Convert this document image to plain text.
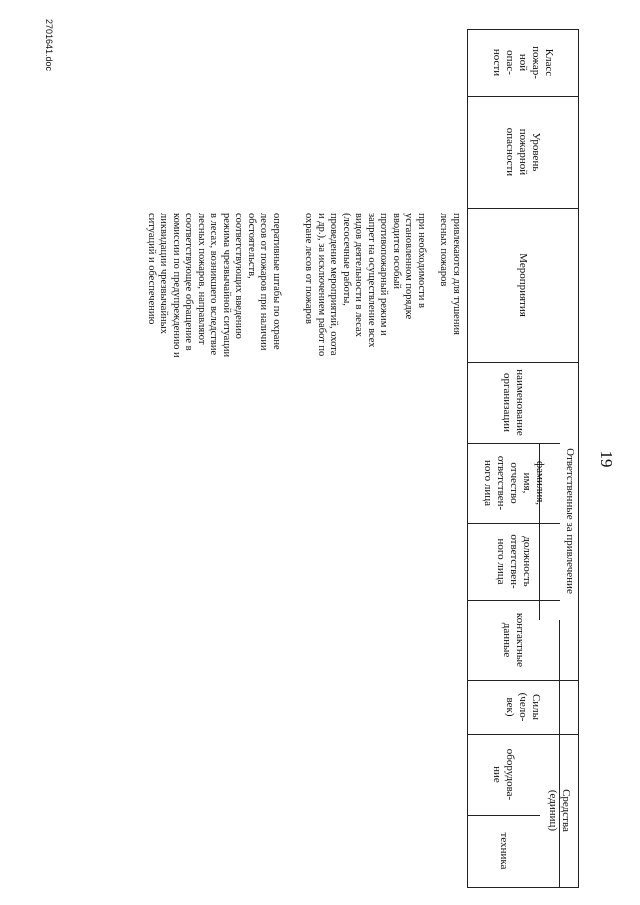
19
Класс
пожар-
ной
опас-
ности
Уровень
пожарной
опасности
Мероприятия
Ответственные за привлечение
наименование
организации
фамилия,
имя,
отчество
ответствен-
ного лица
должность
ответствен-
ного лица
контактные
данные
Силы
(чело-
век)
Средства
(единиц)
оборудова-
ние
техника

привлекаются для тушения лесных пожаров

при необходимости в установленном порядке вводится особый противопожарный режим и запрет на осуществление всех видов деятельности в лесах (лесосечные работы, проведение мероприятий, охота и др.), за исключением работ по охране лесов от пожаров

оперативные штабы по охране лесов от пожаров при наличии обстоятельств, соответствующих введению режима чрезвычайной ситуации в лесах, возникшего вследствие лесных пожаров, направляют соответствующее обращение в комиссии по предупреждению и ликвидации чрезвычайных ситуаций и обеспечению

2701641.doc
